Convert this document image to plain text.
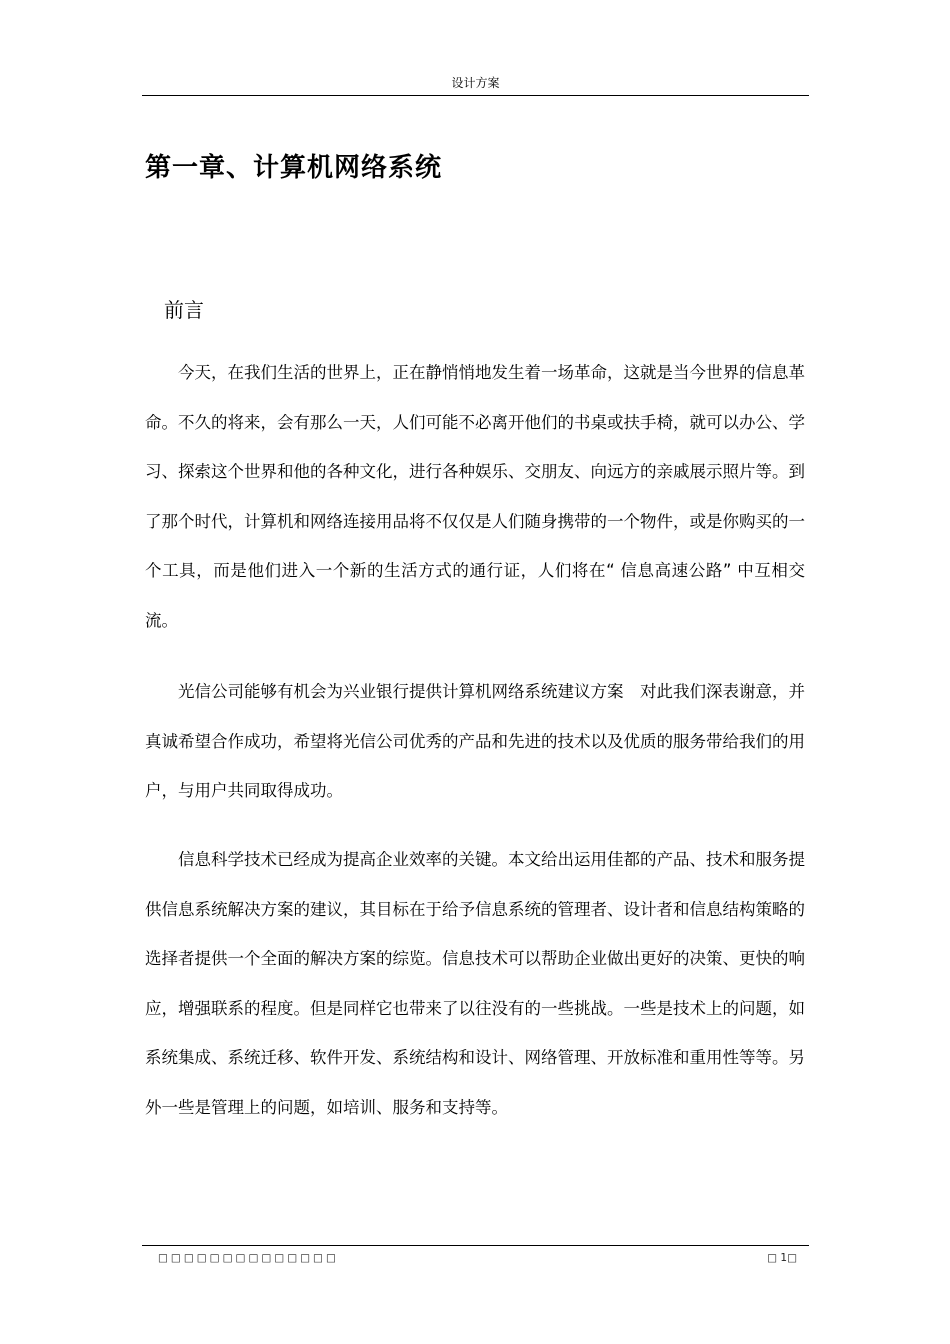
设计方案
第一章、计算机网络系统
前言

今天，在我们生活的世界上，正在静悄悄地发生着一场革命，这就是当今世界的信息革命。不久的将来，会有那么一天，人们可能不必离开他们的书桌或扶手椅，就可以办公、学习、探索这个世界和他的各种文化，进行各种娱乐、交朋友、向远方的亲戚展示照片等。到了那个时代，计算机和网络连接用品将不仅仅是人们随身携带的一个物件，或是你购买的一个工具，而是他们进入一个新的生活方式的通行证，人们将在“ 信息高速公路” 中互相交流。

光信公司能够有机会为兴业银行提供计算机网络系统建议方案　对此我们深表谢意，并真诚希望合作成功，希望将光信公司优秀的产品和先进的技术以及优质的服务带给我们的用户，与用户共同取得成功。

信息科学技术已经成为提高企业效率的关键。本文给出运用佳都的产品、技术和服务提供信息系统解决方案的建议，其目标在于给予信息系统的管理者、设计者和信息结构策略的选择者提供一个全面的解决方案的综览。信息技术可以帮助企业做出更好的决策、更快的响应，增强联系的程度。但是同样它也带来了以往没有的一些挑战。一些是技术上的问题，如系统集成、系统迁移、软件开发、系统结构和设计、网络管理、开放标准和重用性等等。另外一些是管理上的问题，如培训、服务和支持等。

□□□□□□□□□□□□□□	□ 1□
